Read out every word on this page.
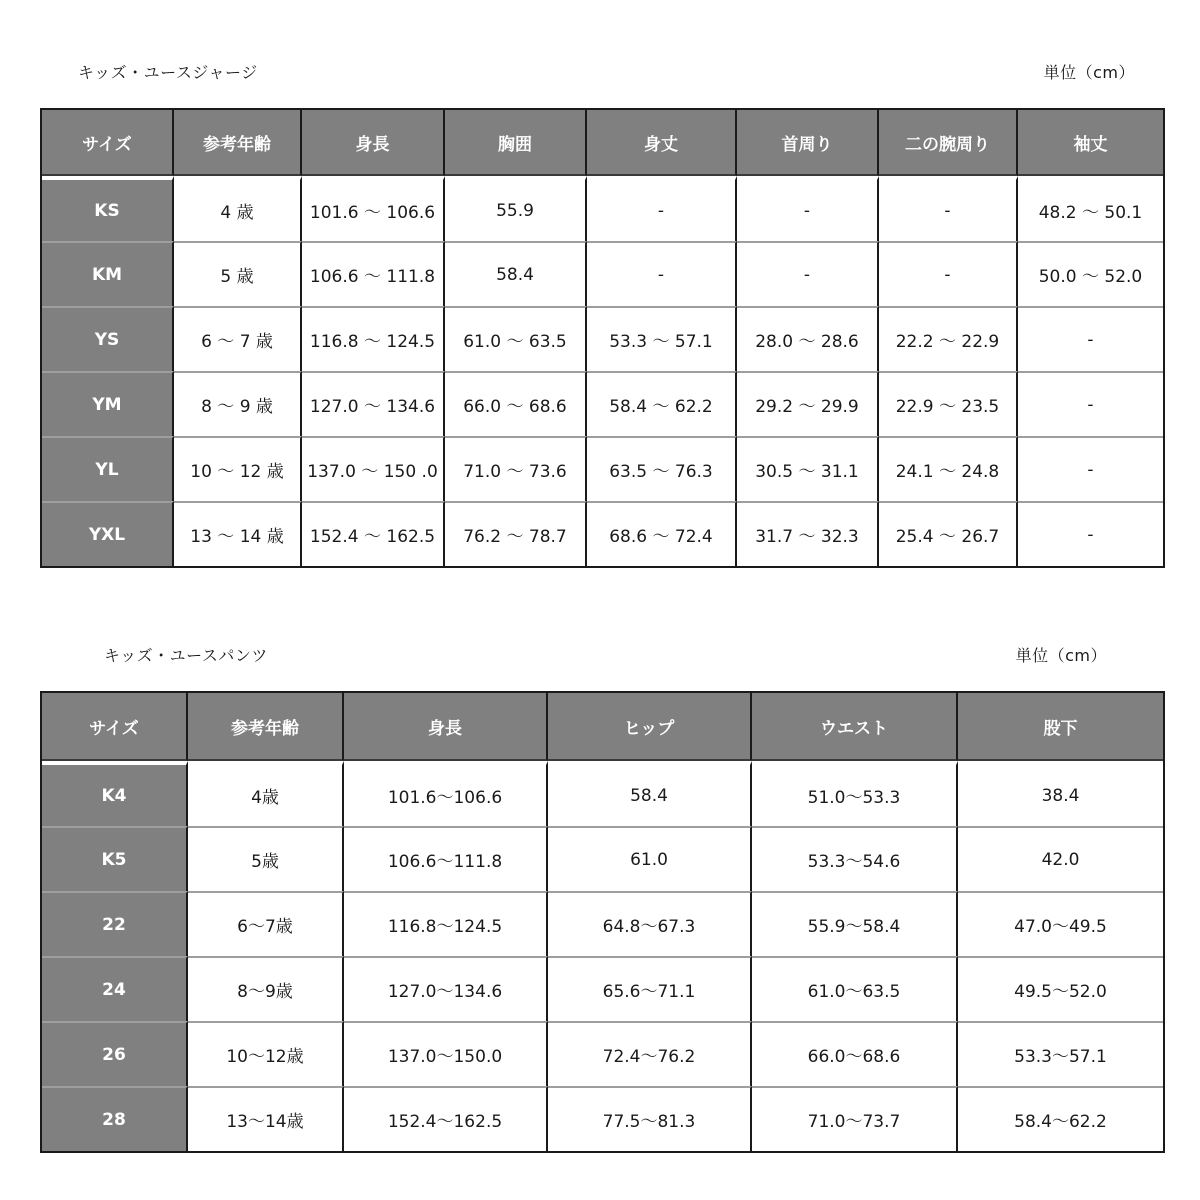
キッズ・ユースジャージ	単位（cm）
サイズ	参考年齢	身長	胸囲	身丈	首周り	二の腕周り	袖丈
KS	4 歳	101.6 ～ 106.6	55.9	-	-	-	48.2 ～ 50.1
KM	5 歳	106.6 ～ 111.8	58.4	-	-	-	50.0 ～ 52.0
YS	6 ～ 7 歳	116.8 ～ 124.5	61.0 ～ 63.5	53.3 ～ 57.1	28.0 ～ 28.6	22.2 ～ 22.9	-
YM	8 ～ 9 歳	127.0 ～ 134.6	66.0 ～ 68.6	58.4 ～ 62.2	29.2 ～ 29.9	22.9 ～ 23.5	-
YL	10 ～ 12 歳	137.0 ～ 150 .0	71.0 ～ 73.6	63.5 ～ 76.3	30.5 ～ 31.1	24.1 ～ 24.8	-
YXL	13 ～ 14 歳	152.4 ～ 162.5	76.2 ～ 78.7	68.6 ～ 72.4	31.7 ～ 32.3	25.4 ～ 26.7	-
キッズ・ユースパンツ	単位（cm）
サイズ	参考年齢	身長	ヒップ	ウエスト	股下
K4	4歳	101.6～106.6	58.4	51.0～53.3	38.4
K5	5歳	106.6～111.8	61.0	53.3～54.6	42.0
22	6～7歳	116.8～124.5	64.8～67.3	55.9～58.4	47.0～49.5
24	8～9歳	127.0～134.6	65.6～71.1	61.0～63.5	49.5～52.0
26	10～12歳	137.0～150.0	72.4～76.2	66.0～68.6	53.3～57.1
28	13～14歳	152.4～162.5	77.5～81.3	71.0～73.7	58.4～62.2
